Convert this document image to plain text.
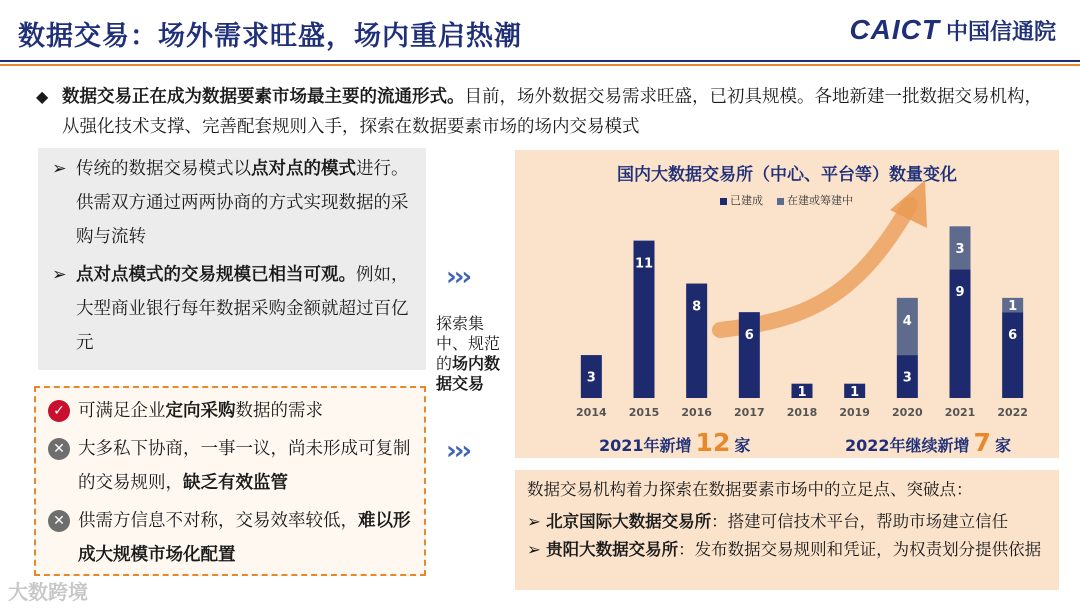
数据交易：场外需求旺盛，场内重启热潮	CAICT 中国信通院
◆ 数据交易正在成为数据要素市场最主要的流通形式。目前，场外数据交易需求旺盛，已初具规模。各地新建一批数据交易机构，从强化技术支撑、完善配套规则入手，探索在数据要素市场的场内交易模式
➢ 传统的数据交易模式以点对点的模式进行。供需双方通过两两协商的方式实现数据的采购与流转
➢ 点对点模式的交易规模已相当可观。例如，大型商业银行每年数据采购金额就超过百亿元
✓ 可满足企业定向采购数据的需求
✕ 大多私下协商，一事一议，尚未形成可复制的交易规则，缺乏有效监管
✕ 供需方信息不对称，交易效率较低，难以形成大规模市场化配置
›››
›››
探索集中、规范的场内数据交易
国内大数据交易所（中心、平台等）数量变化
已建成	在建或筹建中
3
2014
11
2015
8
2016
6
2017
1
2018
1
2019
3
4
2020
9
3
2021
6
1
2022
2021年新增 12 家	2022年继续新增 7 家
数据交易机构着力探索在数据要素市场中的立足点、突破点：
➢ 北京国际大数据交易所：搭建可信技术平台，帮助市场建立信任
➢ 贵阳大数据交易所：发布数据交易规则和凭证，为权责划分提供依据
大数跨境
